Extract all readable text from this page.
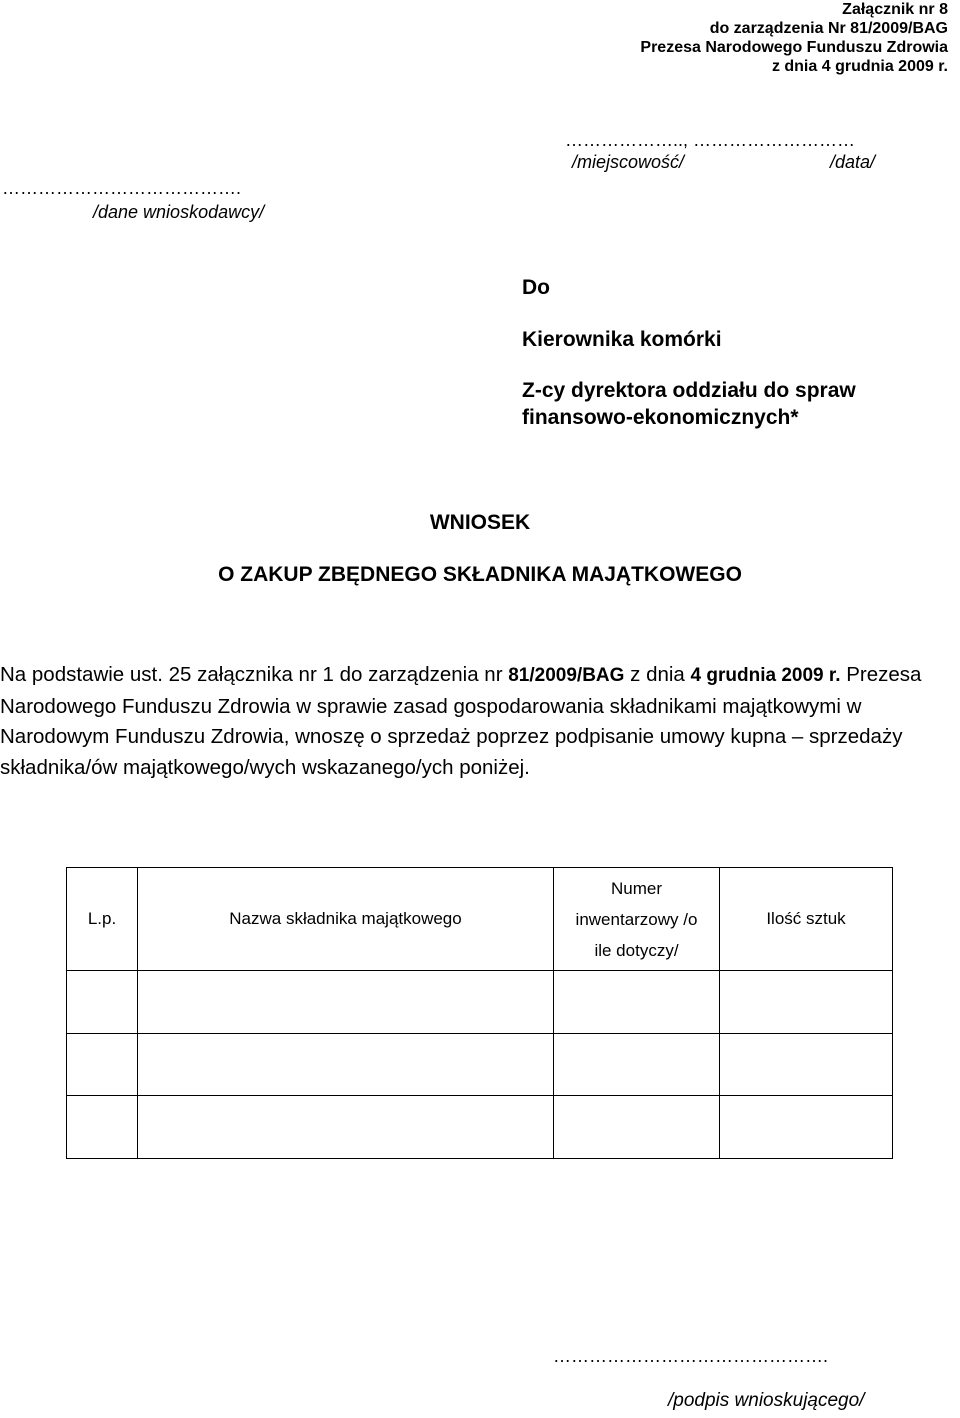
Załącznik nr 8
do zarządzenia Nr 81/2009/BAG
Prezesa Narodowego Funduszu Zdrowia
z dnia 4 grudnia 2009 r.
……………….., ………………………
/miejscowość/	/data/
………………………………….
/dane wnioskodawcy/
Do
Kierownika komórki
Z-cy dyrektora oddziału do spraw finansowo-ekonomicznych*
WNIOSEK
O ZAKUP ZBĘDNEGO SKŁADNIKA MAJĄTKOWEGO
Na podstawie ust. 25 załącznika nr 1 do zarządzenia nr 81/2009/BAG z dnia 4 grudnia 2009 r. Prezesa Narodowego Funduszu Zdrowia w sprawie zasad gospodarowania składnikami majątkowymi w Narodowym Funduszu Zdrowia, wnoszę o sprzedaż poprzez podpisanie umowy kupna – sprzedaży składnika/ów majątkowego/wych wskazanego/ych poniżej.
L.p.	Nazwa składnika majątkowego	Numer
inwentarzowy /o
ile dotyczy/	Ilość sztuk

……………………………………….
/podpis wnioskującego/
